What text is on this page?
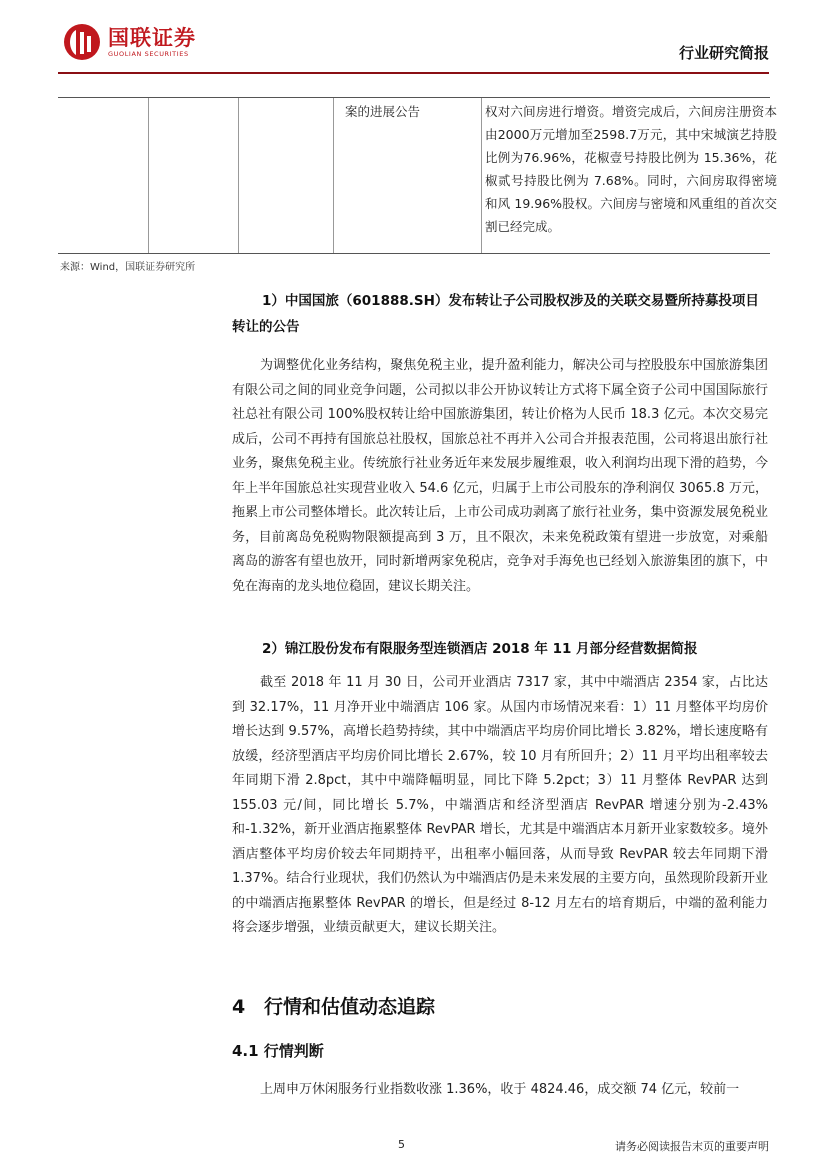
国联证券
GUOLIAN SECURITIES	行业研究简报
案的进展公告	权对六间房进行增资。增资完成后，六间房注册资本由2000万元增加至2598.7万元，其中宋城演艺持股比例为76.96%，花椒壹号持股比例为 15.36%，花椒贰号持股比例为 7.68%。同时，六间房取得密境和风 19.96%股权。六间房与密境和风重组的首次交割已经完成。
来源：Wind，国联证券研究所
1）中国国旅（601888.SH）发布转让子公司股权涉及的关联交易暨所持募投项目转让的公告
为调整优化业务结构，聚焦免税主业，提升盈利能力，解决公司与控股股东中国旅游集团有限公司之间的同业竞争问题，公司拟以非公开协议转让方式将下属全资子公司中国国际旅行社总社有限公司 100%股权转让给中国旅游集团，转让价格为人民币 18.3 亿元。本次交易完成后，公司不再持有国旅总社股权，国旅总社不再并入公司合并报表范围，公司将退出旅行社业务，聚焦免税主业。传统旅行社业务近年来发展步履维艰，收入利润均出现下滑的趋势，今年上半年国旅总社实现营业收入 54.6 亿元，归属于上市公司股东的净利润仅 3065.8 万元，拖累上市公司整体增长。此次转让后，上市公司成功剥离了旅行社业务，集中资源发展免税业务，目前离岛免税购物限额提高到 3 万，且不限次，未来免税政策有望进一步放宽，对乘船离岛的游客有望也放开，同时新增两家免税店，竞争对手海免也已经划入旅游集团的旗下，中免在海南的龙头地位稳固，建议长期关注。
2）锦江股份发布有限服务型连锁酒店 2018 年 11 月部分经营数据简报
截至 2018 年 11 月 30 日，公司开业酒店 7317 家，其中中端酒店 2354 家，占比达到 32.17%，11 月净开业中端酒店 106 家。从国内市场情况来看：1）11 月整体平均房价增长达到 9.57%，高增长趋势持续，其中中端酒店平均房价同比增长 3.82%，增长速度略有放缓，经济型酒店平均房价同比增长 2.67%，较 10 月有所回升；2）11 月平均出租率较去年同期下滑 2.8pct，其中中端降幅明显，同比下降 5.2pct；3）11 月整体 RevPAR 达到 155.03 元/间，同比增长 5.7%，中端酒店和经济型酒店 RevPAR 增速分别为-2.43%和-1.32%，新开业酒店拖累整体 RevPAR 增长，尤其是中端酒店本月新开业家数较多。境外酒店整体平均房价较去年同期持平，出租率小幅回落，从而导致 RevPAR 较去年同期下滑 1.37%。结合行业现状，我们仍然认为中端酒店仍是未来发展的主要方向，虽然现阶段新开业的中端酒店拖累整体 RevPAR 的增长，但是经过 8-12 月左右的培育期后，中端的盈利能力将会逐步增强，业绩贡献更大，建议长期关注。
4 行情和估值动态追踪
4.1 行情判断
上周申万休闲服务行业指数收涨 1.36%，收于 4824.46，成交额 74 亿元，较前一
5	请务必阅读报告末页的重要声明
